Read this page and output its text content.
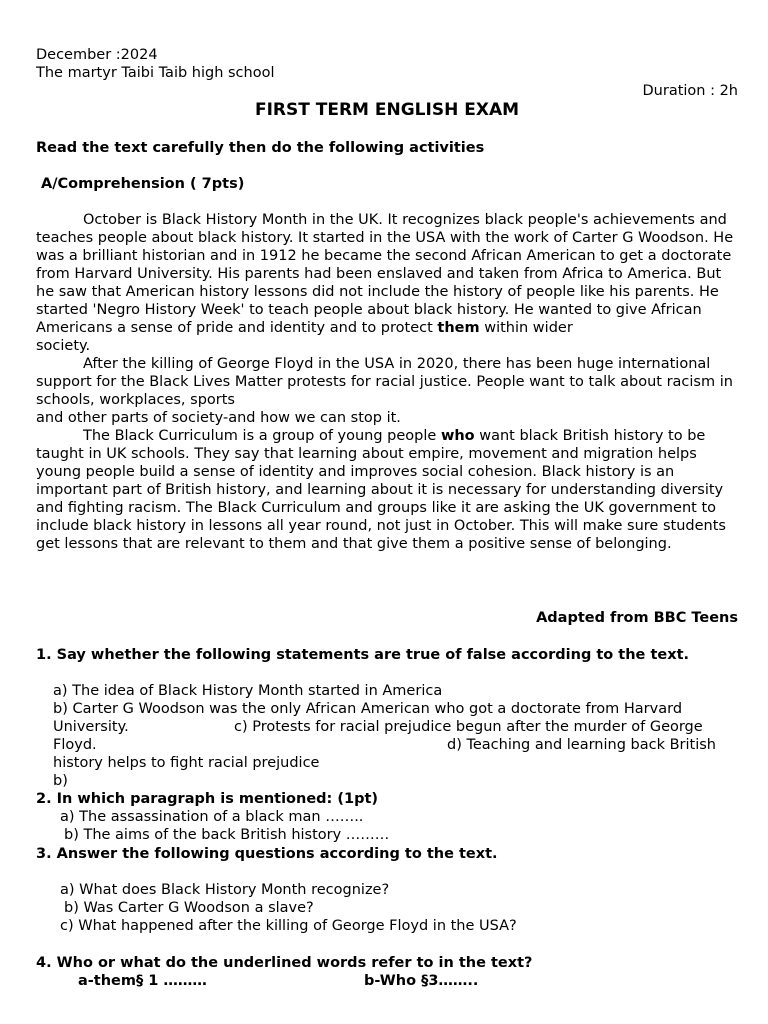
December :2024
The martyr Taibi Taib high school
Duration : 2h
FIRST TERM ENGLISH EXAM
Read the text carefully then do the following activities
A/Comprehension ( 7pts)

October is Black History Month in the UK. It recognizes black people's achievements and teaches people about black history. It started in the USA with the work of Carter G Woodson. He was a brilliant historian and in 1912 he became the second African American to get a doctorate from Harvard University. His parents had been enslaved and taken from Africa to America. But he saw that American history lessons did not include the history of people like his parents. He started 'Negro History Week' to teach people about black history. He wanted to give African Americans a sense of pride and identity and to protect them within wider

society.

After the killing of George Floyd in the USA in 2020, there has been huge international support for the Black Lives Matter protests for racial justice. People want to talk about racism in schools, workplaces, sports

and other parts of society-and how we can stop it.

The Black Curriculum is a group of young people who want black British history to be taught in UK schools. They say that learning about empire, movement and migration helps young people build a sense of identity and improves social cohesion. Black history is an important part of British history, and learning about it is necessary for understanding diversity and fighting racism. The Black Curriculum and groups like it are asking the UK government to include black history in lessons all year round, not just in October. This will make sure students get lessons that are relevant to them and that give them a positive sense of belonging.

Adapted from BBC Teens
1. Say whether the following statements are true of false according to the text.
a) The idea of Black History Month started in America
b) Carter G Woodson was the only African American who got a doctorate from Harvard
University.	c) Protests for racial prejudice begun after the murder of George
Floyd.	d) Teaching and learning back British
history helps to fight racial prejudice
b)
2. In which paragraph is mentioned: (1pt)
a) The assassination of a black man ……..
b) The aims of the back British history ………
3. Answer the following questions according to the text.
a) What does Black History Month recognize?
b) Was Carter G Woodson a slave?
c) What happened after the killing of George Floyd in the USA?
4. Who or what do the underlined words refer to in the text?
a-them§ 1 ………	b-Who §3……..
